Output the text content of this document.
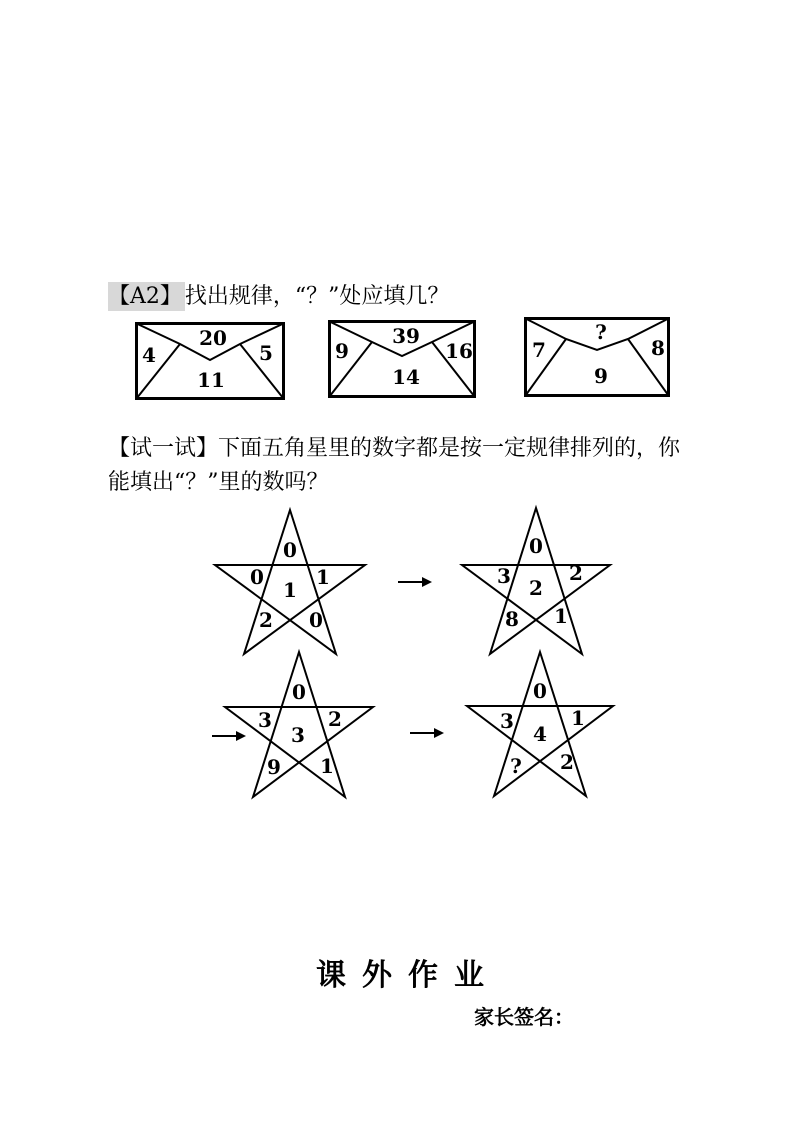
【A2】 找出规律，“？”处应填几？
20
4	5
11
39
9	16
14
?
7	8
9
【试一试】下面五角星里的数字都是按一定规律排列的，你
能填出“？”里的数吗？
0
0	1
1
2 0
0
3	2
2
8 1
0
3	2
3
9 1
0
3	1
4
? 2
课外作业
家长签名：
